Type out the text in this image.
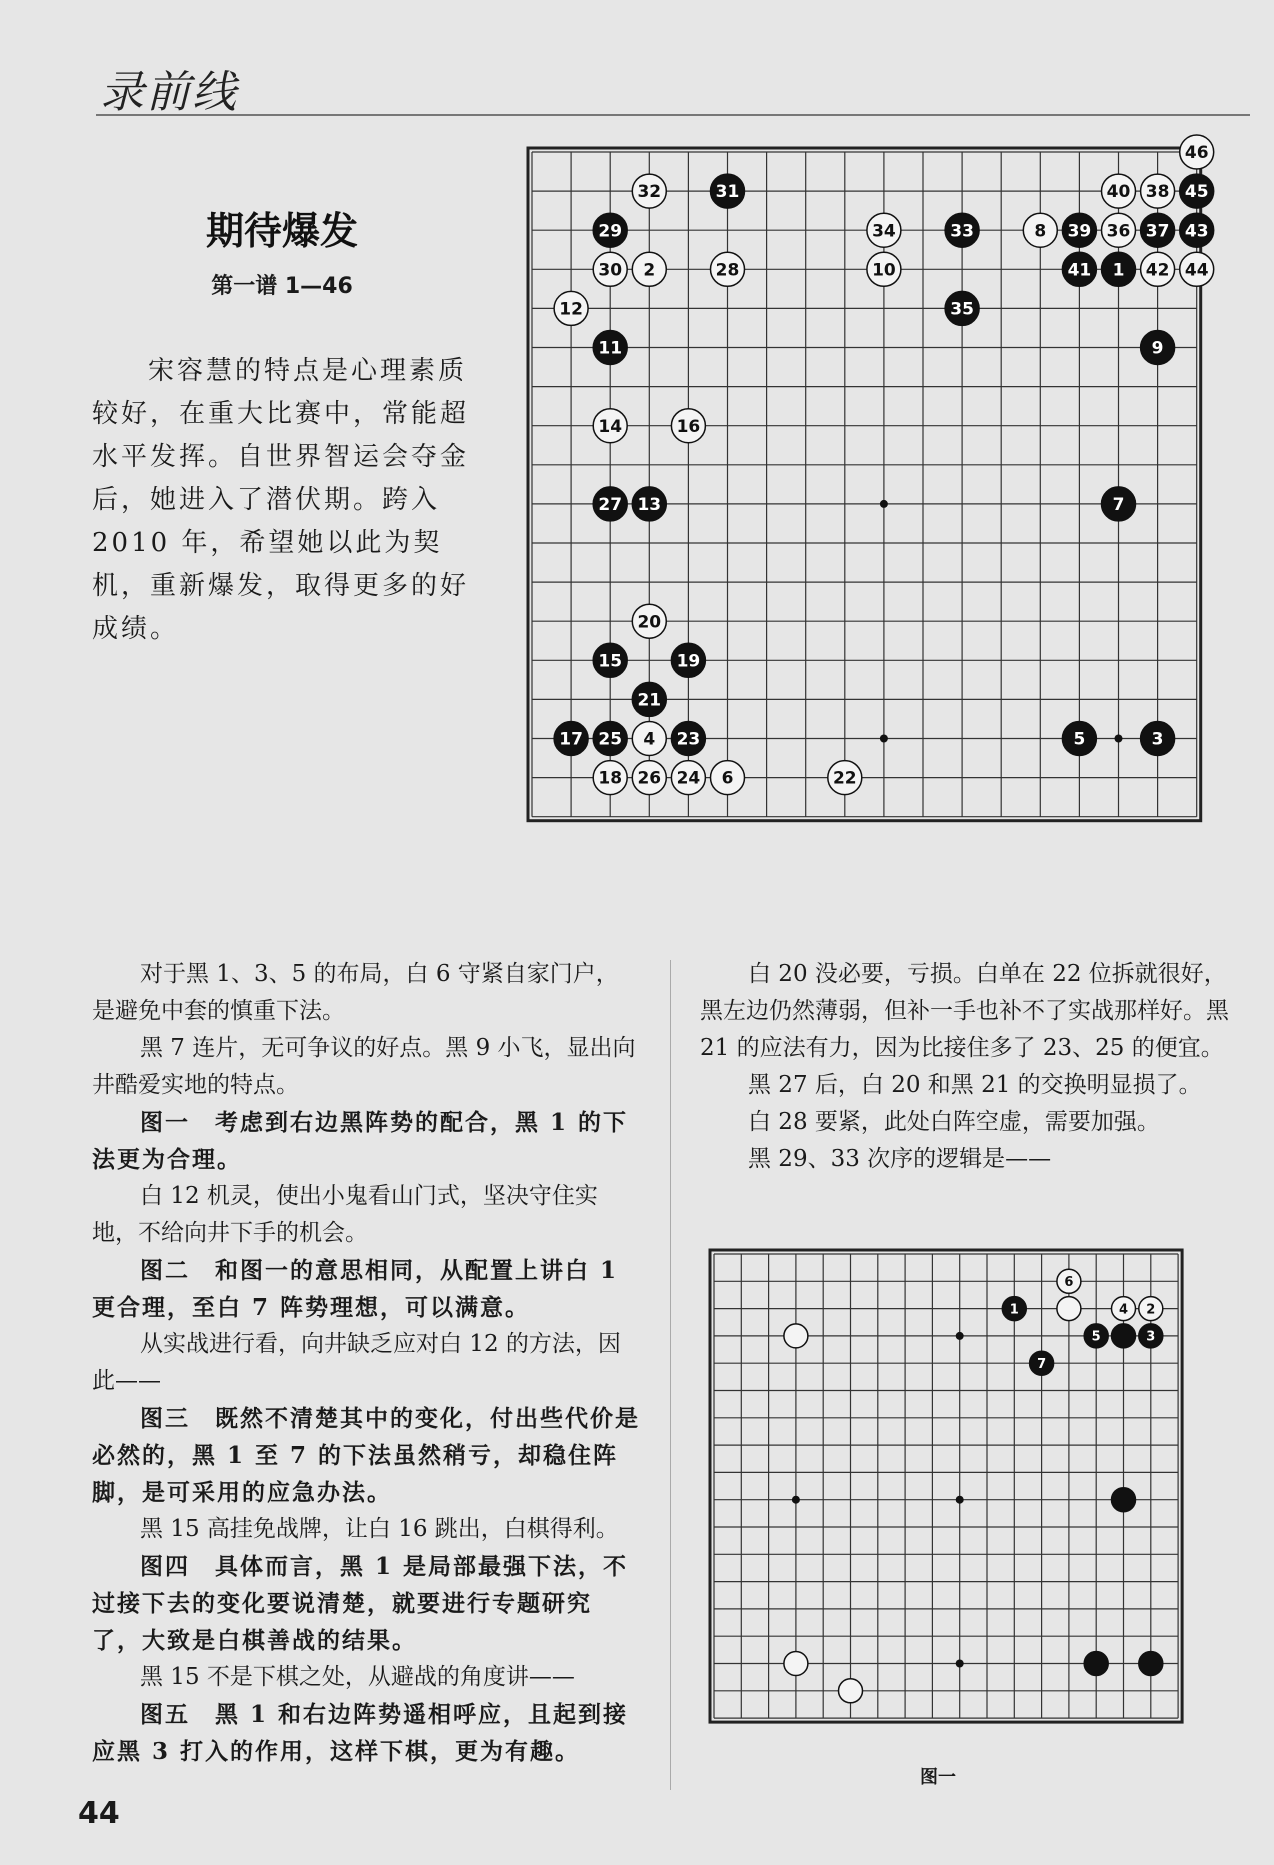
录前线
期待爆发
第一谱 1—46
宋容慧的特点是心理素质较好，在重大比赛中，常能超水平发挥。自世界智运会夺金后，她进入了潜伏期。跨入 2010 年，希望她以此为契机，重新爆发，取得更多的好成绩。
1
2
3
4	5
6
7
8
9
10
11
12
13
14
15
16
17
18
19
20
21
22
23
24
25
26
27
28
29
30
31
32
33
34
35
36 37
38
39
40
41	42
43
44
45
46

对于黑 1、3、5 的布局，白 6 守紧自家门户，是避免中套的慎重下法。

黑 7 连片，无可争议的好点。黑 9 小飞，显出向井酷爱实地的特点。

图一　考虑到右边黑阵势的配合，黑 1 的下法更为合理。

白 12 机灵，使出小鬼看山门式，坚决守住实地，不给向井下手的机会。

图二　和图一的意思相同，从配置上讲白 1 更合理，至白 7 阵势理想，可以满意。

从实战进行看，向井缺乏应对白 12 的方法，因此——

图三　既然不清楚其中的变化，付出些代价是必然的，黑 1 至 7 的下法虽然稍亏，却稳住阵脚，是可采用的应急办法。

黑 15 高挂免战牌，让白 16 跳出，白棋得利。

图四　具体而言，黑 1 是局部最强下法，不过接下去的变化要说清楚，就要进行专题研究了，大致是白棋善战的结果。

黑 15 不是下棋之处，从避战的角度讲——

图五　黑 1 和右边阵势遥相呼应，且起到接应黑 3 打入的作用，这样下棋，更为有趣。

白 20 没必要，亏损。白单在 22 位拆就很好，黑左边仍然薄弱，但补一手也补不了实战那样好。黑 21 的应法有力，因为比接住多了 23、25 的便宜。

黑 27 后，白 20 和黑 21 的交换明显损了。

白 28 要紧，此处白阵空虚，需要加强。

黑 29、33 次序的逻辑是——

1	2
3
4
5
6
7
图一
44
